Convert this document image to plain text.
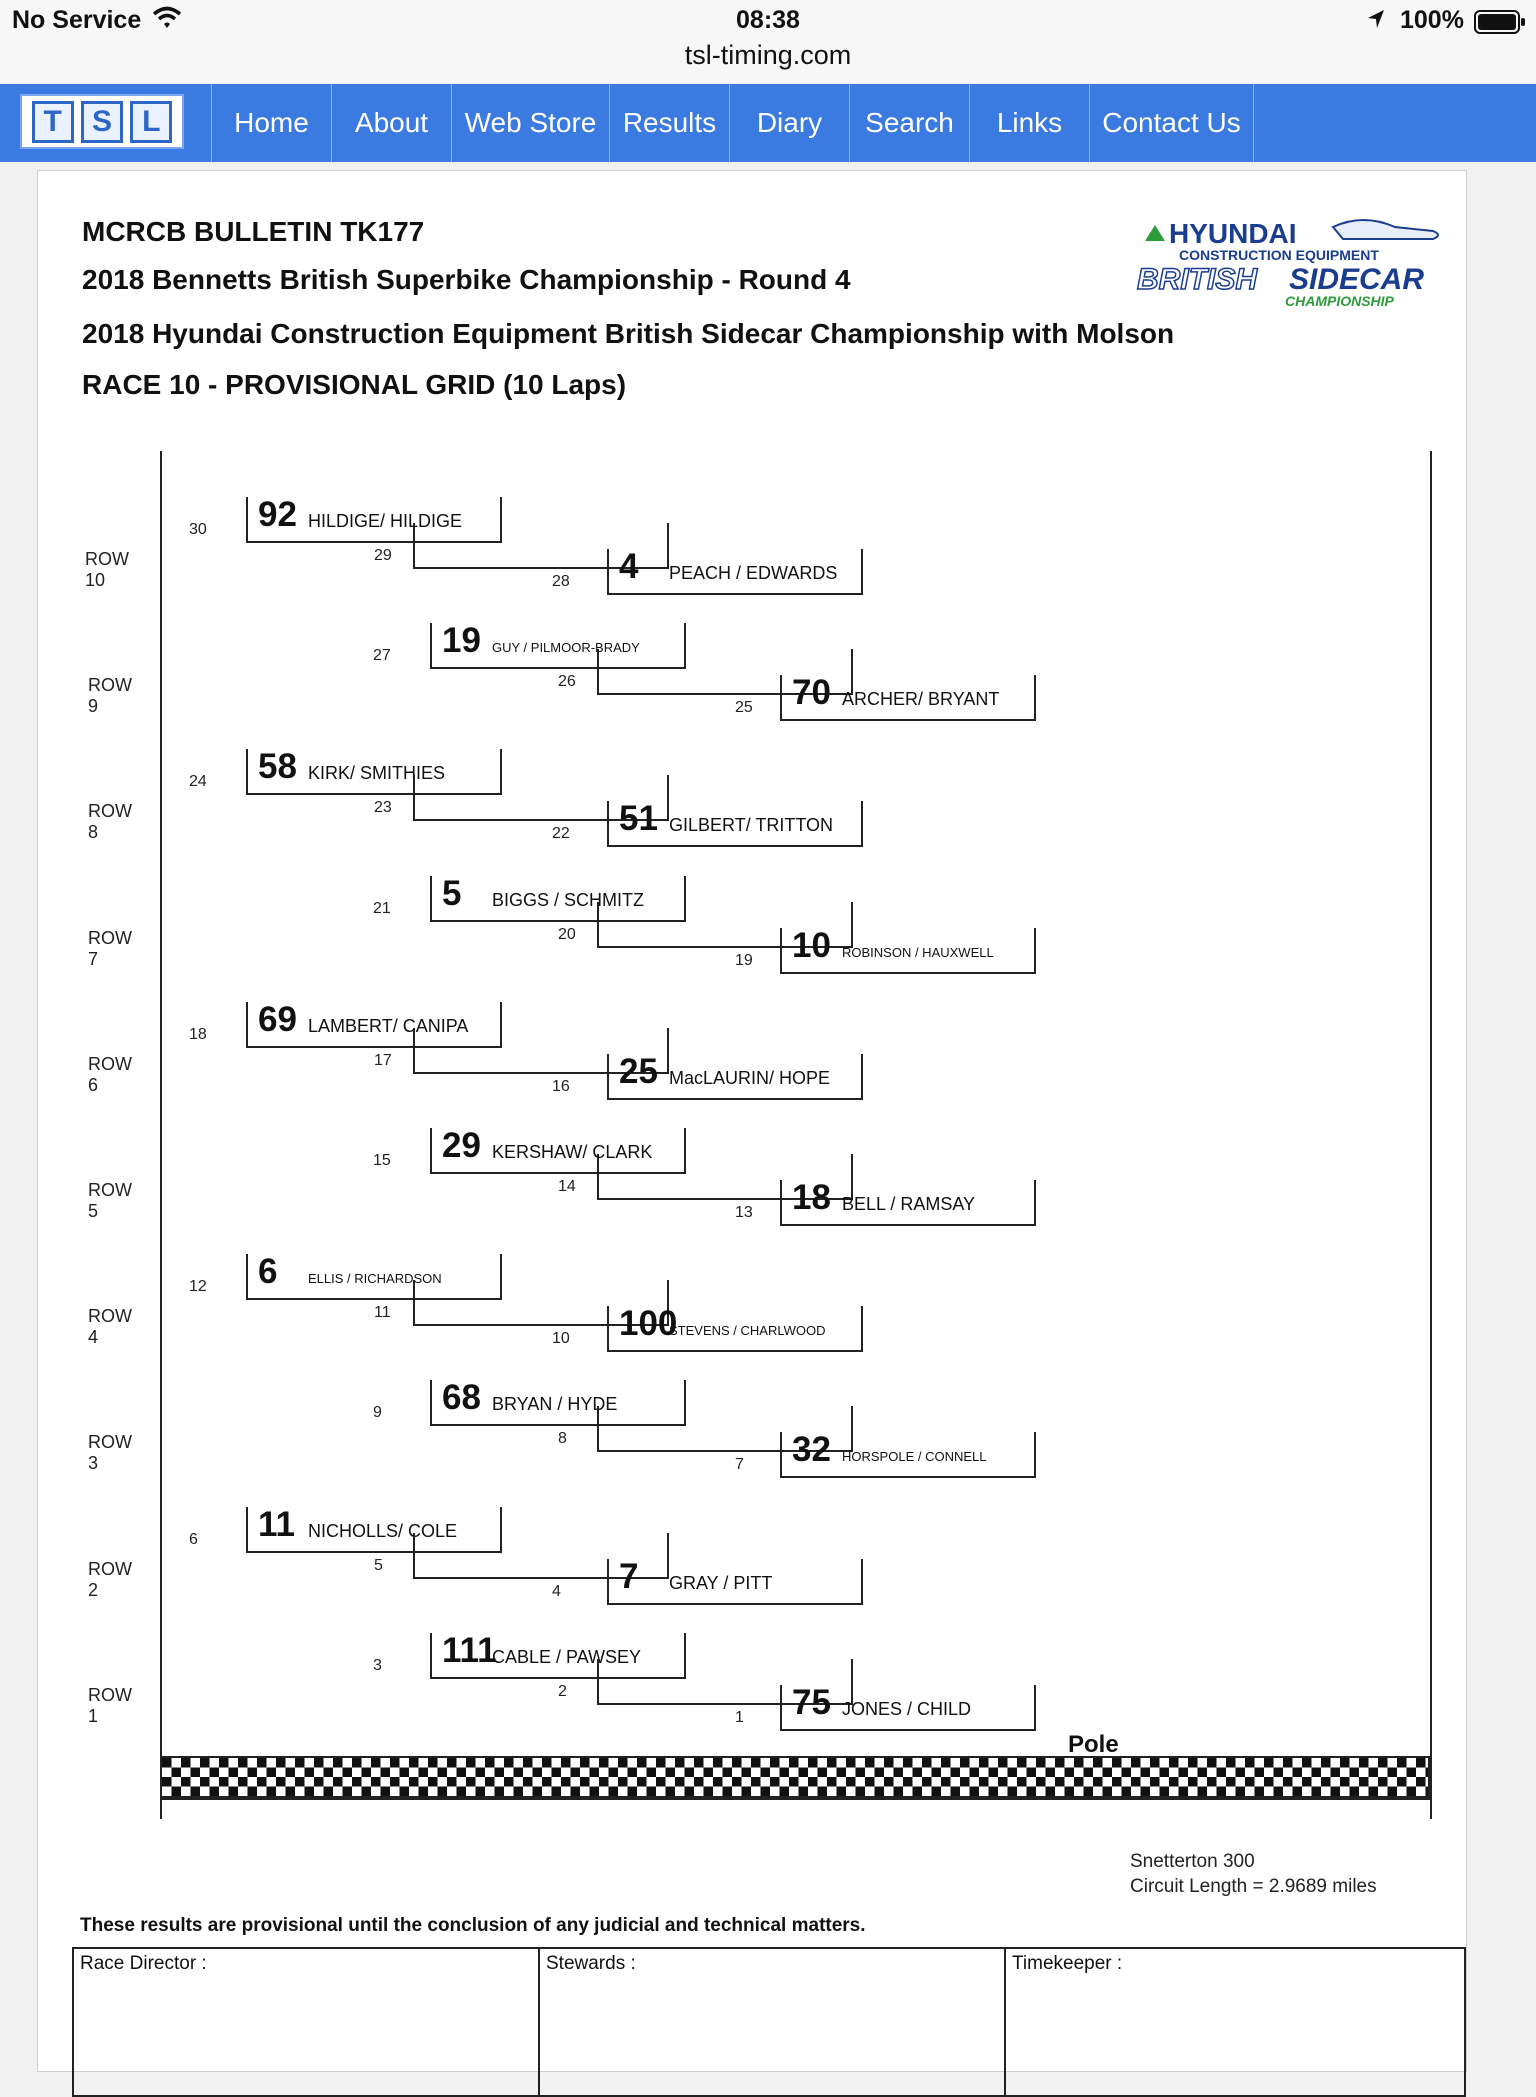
No Service	08:38
tsl-timing.com
100%
T	S	L	Home	About	Web Store Results	Diary	Search	Links	Contact Us
MCRCB BULLETIN TK177
2018 Bennetts British Superbike Championship - Round 4
2018 Hyundai Construction Equipment British Sidecar Championship with Molson
RACE 10 - PROVISIONAL GRID (10 Laps)
HYUNDAI
CONSTRUCTION EQUIPMENT
BRITISH SIDECAR
CHAMPIONSHIP
ROW 10
30 92 HILDIGE/ HILDIGE
29
28 4 PEACH / EDWARDS
ROW 9
27 19 GUY / PILMOOR-BRADY
26
25 70 ARCHER/ BRYANT
ROW 8
24 58 KIRK/ SMITHIES
23
22 51 GILBERT/ TRITTON
ROW 7
21 5 BIGGS / SCHMITZ
20
19 10 ROBINSON / HAUXWELL
ROW 6
18 69 LAMBERT/ CANIPA
17
16 25 MacLAURIN/ HOPE
ROW 5
15 29 KERSHAW/ CLARK
14
13 18 BELL / RAMSAY
ROW 4
12 6 ELLIS / RICHARDSON
11
10 100
STEVENS / CHARLWOOD
ROW 3
9 68 BRYAN / HYDE
8
7 32 HORSPOLE / CONNELL
ROW 2
6 11 NICHOLLS/ COLE
5
4 7 GRAY / PITT
ROW 1
3 111
CABLE / PAWSEY
2
1 75 JONES / CHILD
Pole
Snetterton 300
Circuit Length = 2.9689 miles
These results are provisional until the conclusion of any judicial and technical matters.
Race Director :	Stewards :	Timekeeper :
